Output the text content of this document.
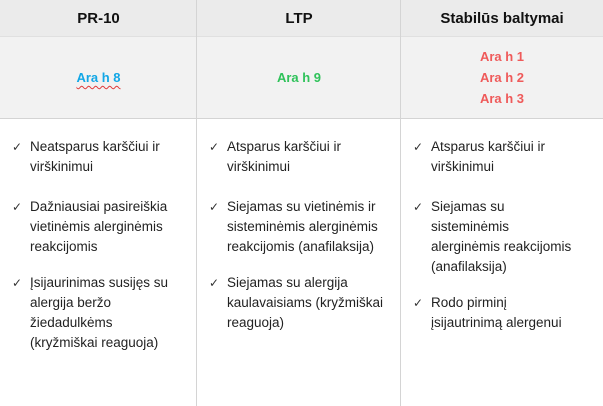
PR-10
Ara h 8
✓ Neatsparus karščiui ir
virškinimui
✓ Dažniausiai pasireiškia
vietinėmis alerginėmis
reakcijomis
✓ Įsijaurinimas susijęs su
alergija beržo
žiedadulkėms
(kryžmiškai reaguoja)
LTP
Ara h 9
✓ Atsparus karščiui ir
virškinimui
✓ Siejamas su vietinėmis ir
sisteminėmis alerginėmis
reakcijomis (anafilaksija)
✓ Siejamas su alergija
kaulavaisiams (kryžmiškai
reaguoja)
Stabilūs baltymai
Ara h 1
Ara h 2
Ara h 3
✓ Atsparus karščiui ir
virškinimui
✓ Siejamas su
sisteminėmis
alerginėmis reakcijomis
(anafilaksija)
✓ Rodo pirminį
įsijautrinimą alergenui
